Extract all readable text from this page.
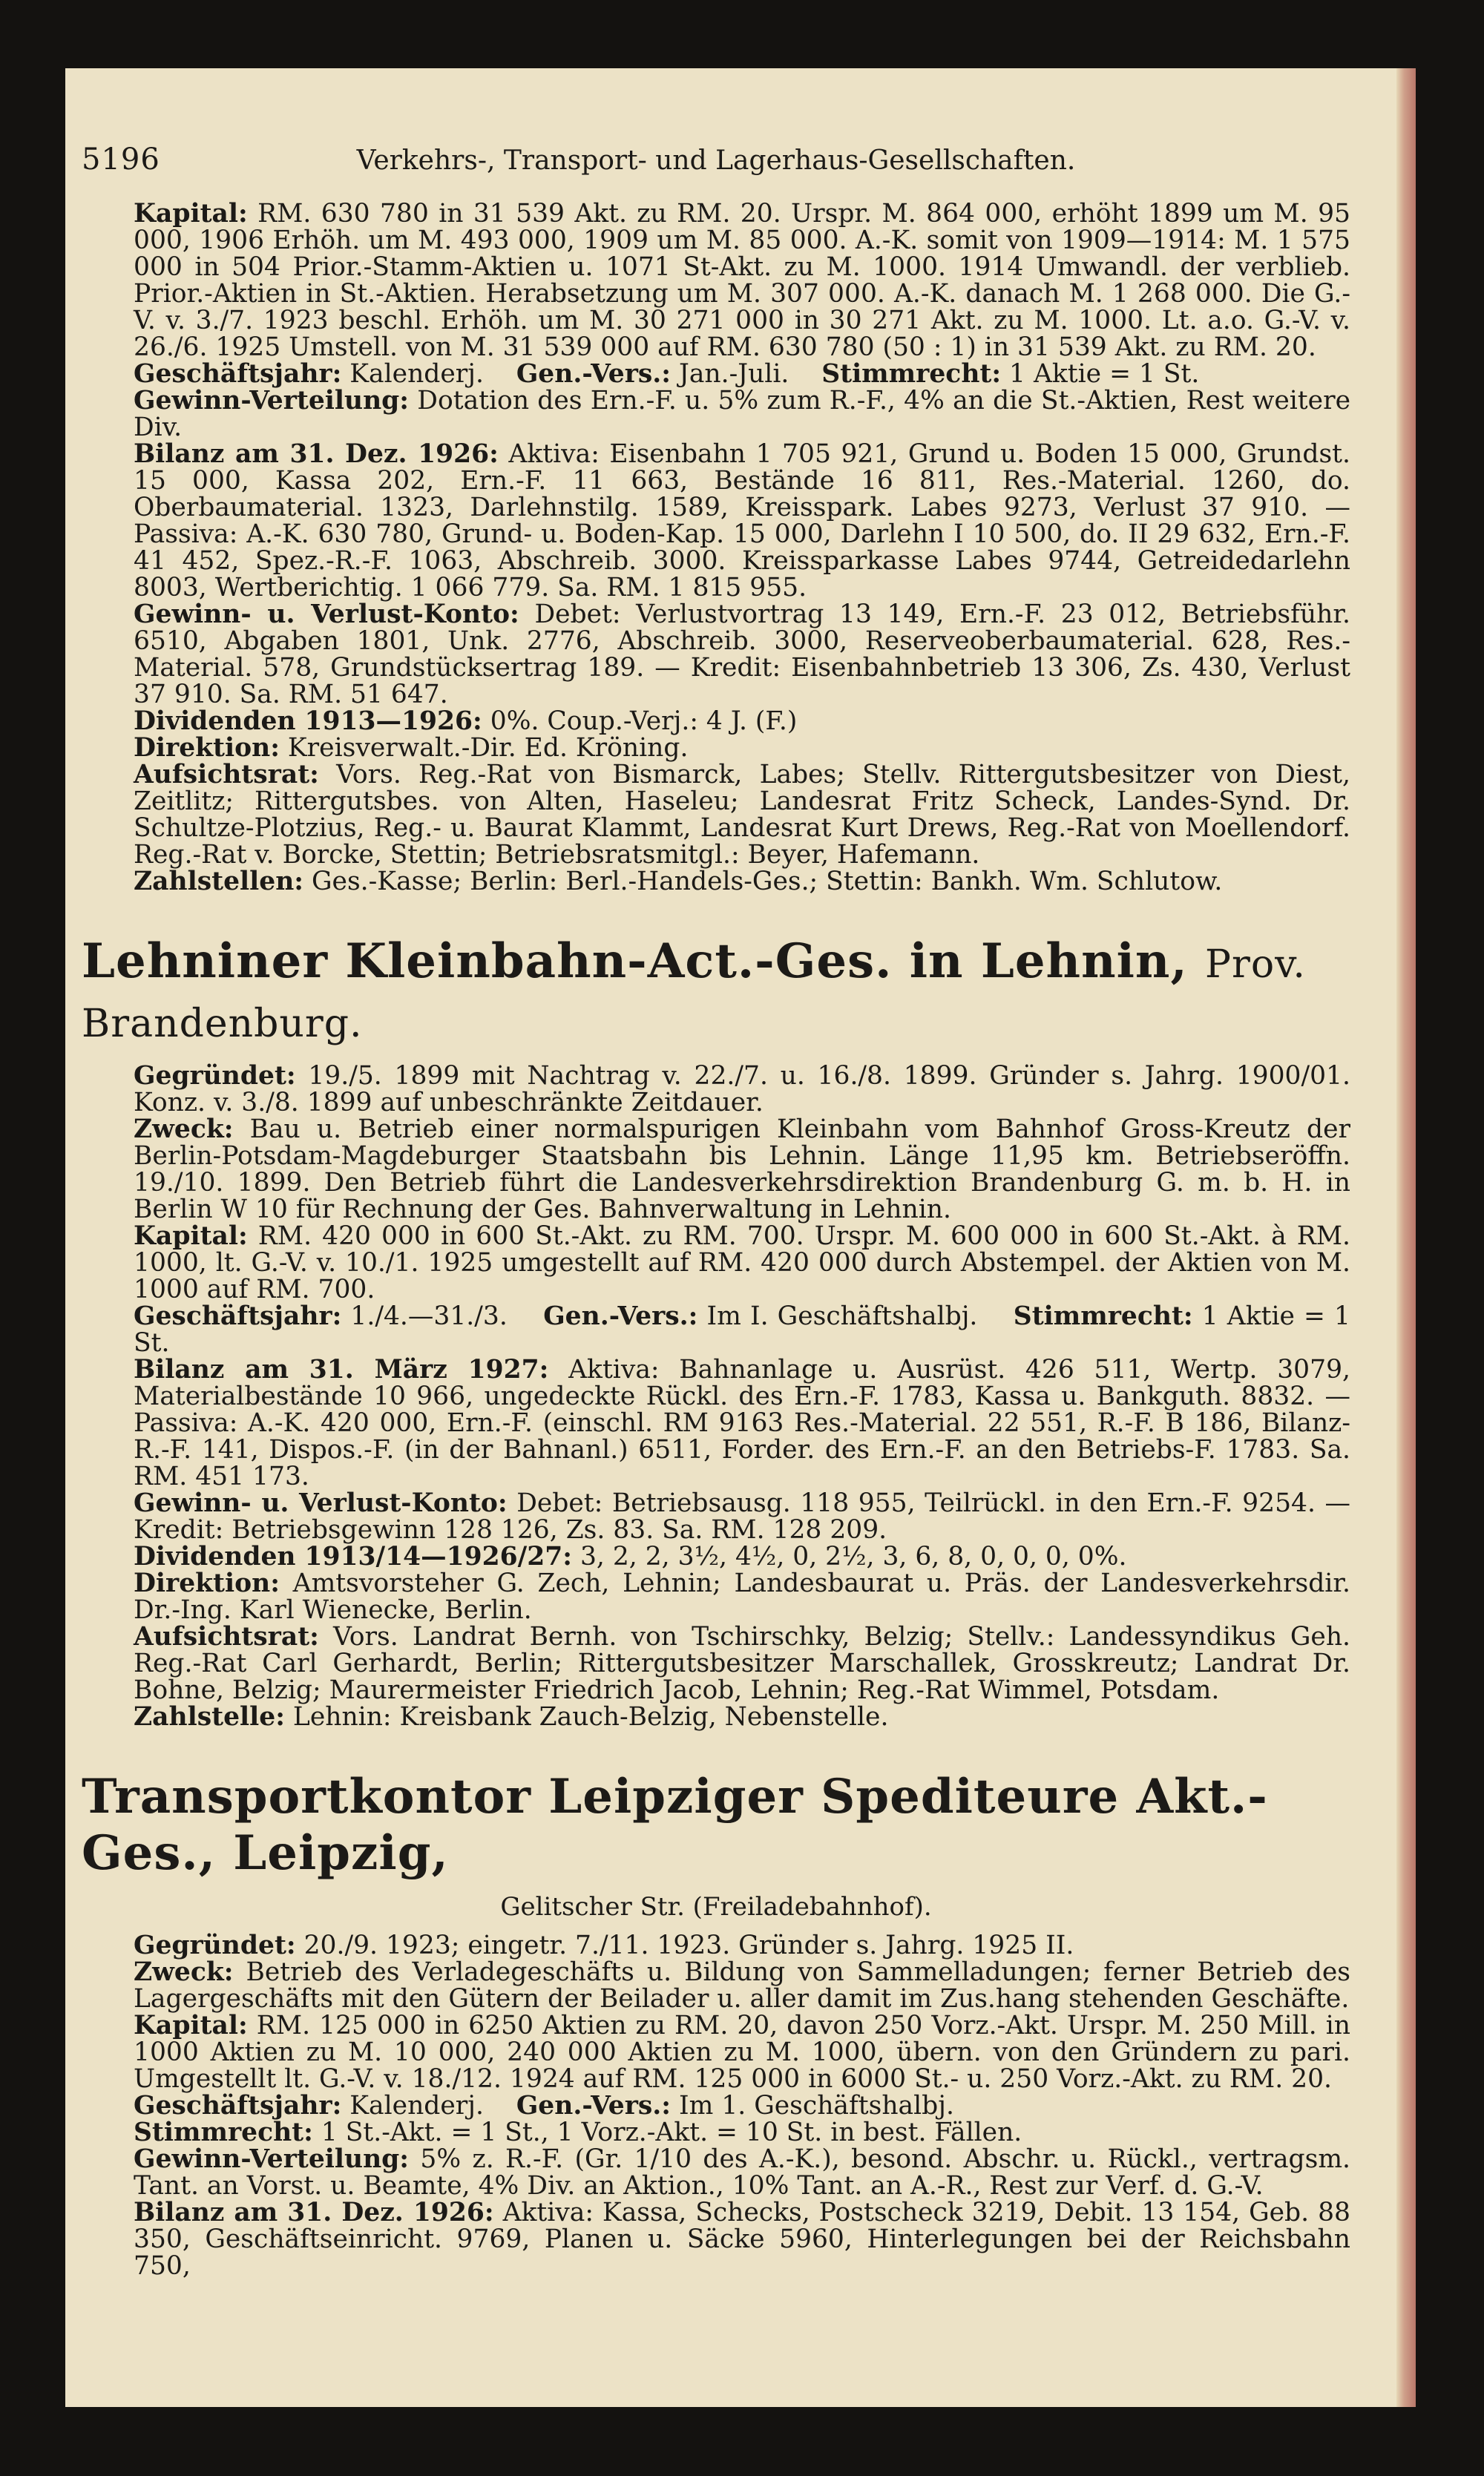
5196	Verkehrs-, Transport- und Lagerhaus-Gesellschaften.

Kapital: RM. 630 780 in 31 539 Akt. zu RM. 20. Urspr. M. 864 000, erhöht 1899 um M. 95 000, 1906 Erhöh. um M. 493 000, 1909 um M. 85 000. A.-K. somit von 1909—1914: M. 1 575 000 in 504 Prior.-Stamm-Aktien u. 1071 St-Akt. zu M. 1000. 1914 Umwandl. der verblieb. Prior.-Aktien in St.-Aktien. Herabsetzung um M. 307 000. A.-K. danach M. 1 268 000. Die G.-V. v. 3./7. 1923 beschl. Erhöh. um M. 30 271 000 in 30 271 Akt. zu M. 1000. Lt. a.o. G.-V. v. 26./6. 1925 Umstell. von M. 31 539 000 auf RM. 630 780 (50 : 1) in 31 539 Akt. zu RM. 20.

Geschäftsjahr: Kalenderj. Gen.-Vers.: Jan.-Juli. Stimmrecht: 1 Aktie = 1 St.

Gewinn-Verteilung: Dotation des Ern.-F. u. 5% zum R.-F., 4% an die St.-Aktien, Rest weitere Div.

Bilanz am 31. Dez. 1926: Aktiva: Eisenbahn 1 705 921, Grund u. Boden 15 000, Grundst. 15 000, Kassa 202, Ern.-F. 11 663, Bestände 16 811, Res.-Material. 1260, do. Oberbaumaterial. 1323, Darlehnstilg. 1589, Kreisspark. Labes 9273, Verlust 37 910. — Passiva: A.-K. 630 780, Grund- u. Boden-Kap. 15 000, Darlehn I 10 500, do. II 29 632, Ern.-F. 41 452, Spez.-R.-F. 1063, Abschreib. 3000. Kreissparkasse Labes 9744, Getreidedarlehn 8003, Wertberichtig. 1 066 779. Sa. RM. 1 815 955.

Gewinn- u. Verlust-Konto: Debet: Verlustvortrag 13 149, Ern.-F. 23 012, Betriebsführ. 6510, Abgaben 1801, Unk. 2776, Abschreib. 3000, Reserveoberbaumaterial. 628, Res.-Material. 578, Grundstücksertrag 189. — Kredit: Eisenbahnbetrieb 13 306, Zs. 430, Verlust 37 910. Sa. RM. 51 647.

Dividenden 1913—1926: 0%. Coup.-Verj.: 4 J. (F.)

Direktion: Kreisverwalt.-Dir. Ed. Kröning.

Aufsichtsrat: Vors. Reg.-Rat von Bismarck, Labes; Stellv. Rittergutsbesitzer von Diest, Zeitlitz; Rittergutsbes. von Alten, Haseleu; Landesrat Fritz Scheck, Landes-Synd. Dr. Schultze-Plotzius, Reg.- u. Baurat Klammt, Landesrat Kurt Drews, Reg.-Rat von Moellendorf. Reg.-Rat v. Borcke, Stettin; Betriebsratsmitgl.: Beyer, Hafemann.

Zahlstellen: Ges.-Kasse; Berlin: Berl.-Handels-Ges.; Stettin: Bankh. Wm. Schlutow.

Lehniner Kleinbahn-Act.-Ges. in Lehnin, Prov. Brandenburg.

Gegründet: 19./5. 1899 mit Nachtrag v. 22./7. u. 16./8. 1899. Gründer s. Jahrg. 1900/01. Konz. v. 3./8. 1899 auf unbeschränkte Zeitdauer.

Zweck: Bau u. Betrieb einer normalspurigen Kleinbahn vom Bahnhof Gross-Kreutz der Berlin-Potsdam-Magdeburger Staatsbahn bis Lehnin. Länge 11,95 km. Betriebseröffn. 19./10. 1899. Den Betrieb führt die Landesverkehrsdirektion Brandenburg G. m. b. H. in Berlin W 10 für Rechnung der Ges. Bahnverwaltung in Lehnin.

Kapital: RM. 420 000 in 600 St.-Akt. zu RM. 700. Urspr. M. 600 000 in 600 St.-Akt. à RM. 1000, lt. G.-V. v. 10./1. 1925 umgestellt auf RM. 420 000 durch Abstempel. der Aktien von M. 1000 auf RM. 700.

Geschäftsjahr: 1./4.—31./3. Gen.-Vers.: Im I. Geschäftshalbj. Stimmrecht: 1 Aktie = 1 St.

Bilanz am 31. März 1927: Aktiva: Bahnanlage u. Ausrüst. 426 511, Wertp. 3079, Materialbestände 10 966, ungedeckte Rückl. des Ern.-F. 1783, Kassa u. Bankguth. 8832. — Passiva: A.-K. 420 000, Ern.-F. (einschl. RM 9163 Res.-Material. 22 551, R.-F. B 186, Bilanz-R.-F. 141, Dispos.-F. (in der Bahnanl.) 6511, Forder. des Ern.-F. an den Betriebs-F. 1783. Sa. RM. 451 173.

Gewinn- u. Verlust-Konto: Debet: Betriebsausg. 118 955, Teilrückl. in den Ern.-F. 9254. — Kredit: Betriebsgewinn 128 126, Zs. 83. Sa. RM. 128 209.

Dividenden 1913/14—1926/27: 3, 2, 2, 3½, 4½, 0, 2½, 3, 6, 8, 0, 0, 0, 0%.

Direktion: Amtsvorsteher G. Zech, Lehnin; Landesbaurat u. Präs. der Landesverkehrsdir. Dr.-Ing. Karl Wienecke, Berlin.

Aufsichtsrat: Vors. Landrat Bernh. von Tschirschky, Belzig; Stellv.: Landessyndikus Geh. Reg.-Rat Carl Gerhardt, Berlin; Rittergutsbesitzer Marschallek, Grosskreutz; Landrat Dr. Bohne, Belzig; Maurermeister Friedrich Jacob, Lehnin; Reg.-Rat Wimmel, Potsdam.

Zahlstelle: Lehnin: Kreisbank Zauch-Belzig, Nebenstelle.

Transportkontor Leipziger Spediteure Akt.-Ges., Leipzig,

Gelitscher Str. (Freiladebahnhof).

Gegründet: 20./9. 1923; eingetr. 7./11. 1923. Gründer s. Jahrg. 1925 II.

Zweck: Betrieb des Verladegeschäfts u. Bildung von Sammelladungen; ferner Betrieb des Lagergeschäfts mit den Gütern der Beilader u. aller damit im Zus.hang stehenden Geschäfte.

Kapital: RM. 125 000 in 6250 Aktien zu RM. 20, davon 250 Vorz.-Akt. Urspr. M. 250 Mill. in 1000 Aktien zu M. 10 000, 240 000 Aktien zu M. 1000, übern. von den Gründern zu pari. Umgestellt lt. G.-V. v. 18./12. 1924 auf RM. 125 000 in 6000 St.- u. 250 Vorz.-Akt. zu RM. 20.

Geschäftsjahr: Kalenderj. Gen.-Vers.: Im 1. Geschäftshalbj.

Stimmrecht: 1 St.-Akt. = 1 St., 1 Vorz.-Akt. = 10 St. in best. Fällen.

Gewinn-Verteilung: 5% z. R.-F. (Gr. 1/10 des A.-K.), besond. Abschr. u. Rückl., vertragsm. Tant. an Vorst. u. Beamte, 4% Div. an Aktion., 10% Tant. an A.-R., Rest zur Verf. d. G.-V.

Bilanz am 31. Dez. 1926: Aktiva: Kassa, Schecks, Postscheck 3219, Debit. 13 154, Geb. 88 350, Geschäftseinricht. 9769, Planen u. Säcke 5960, Hinterlegungen bei der Reichsbahn 750,
